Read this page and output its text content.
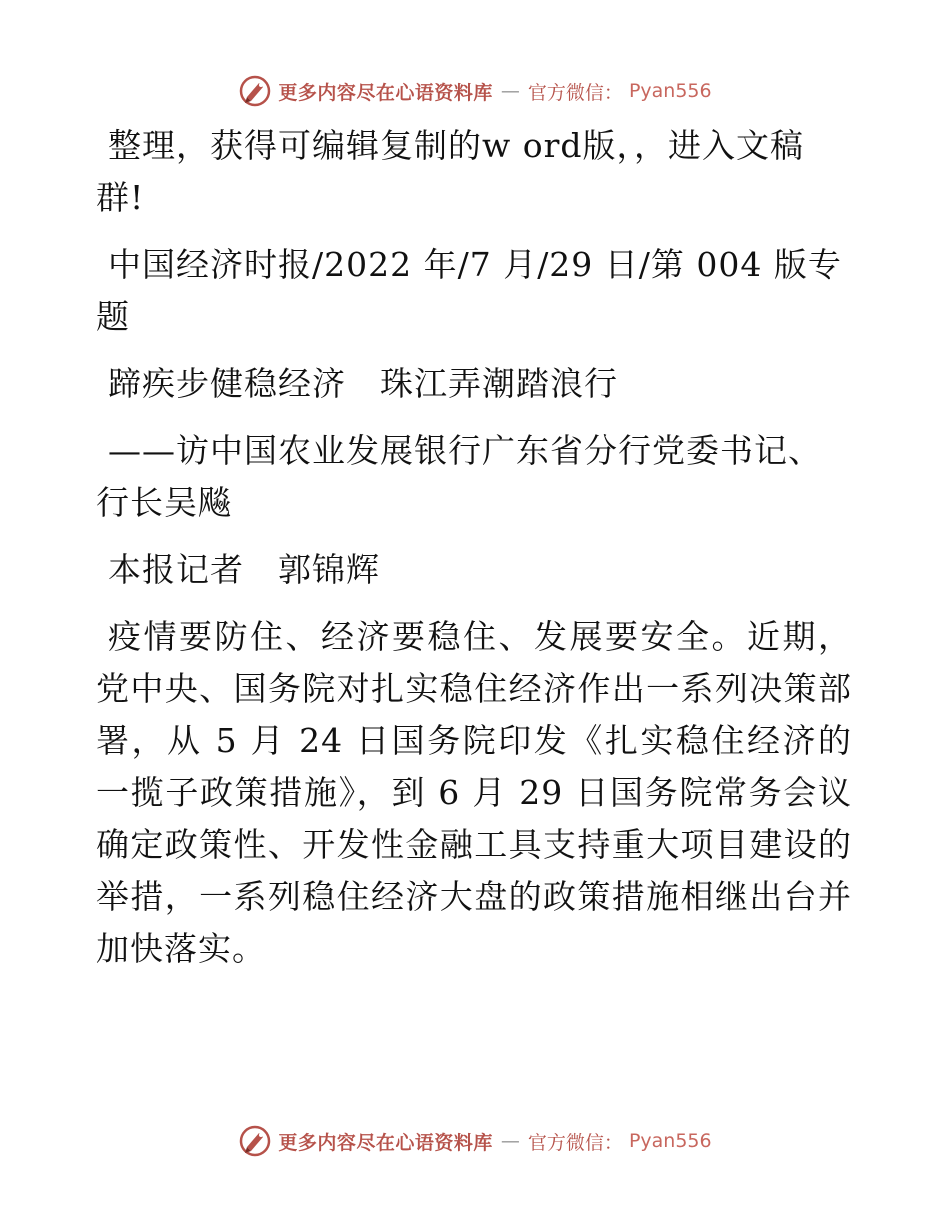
更多内容尽在心语资料库 — 官方微信： Pyan556

整理，获得可编辑复制的w ord版，，进入文稿群!

中国经济时报/2022 年/7 月/29 日/第 004 版专题

蹄疾步健稳经济　珠江弄潮踏浪行

——访中国农业发展银行广东省分行党委书记、行长吴飚

本报记者　郭锦辉

疫情要防住、经济要稳住、发展要安全。近期，党中央、国务院对扎实稳住经济作出一系列决策部署，从 5 月 24 日国务院印发《扎实稳住经济的一揽子政策措施》，到 6 月 29 日国务院常务会议确定政策性、开发性金融工具支持重大项目建设的举措，一系列稳住经济大盘的政策措施相继出台并加快落实。

更多内容尽在心语资料库 — 官方微信： Pyan556
